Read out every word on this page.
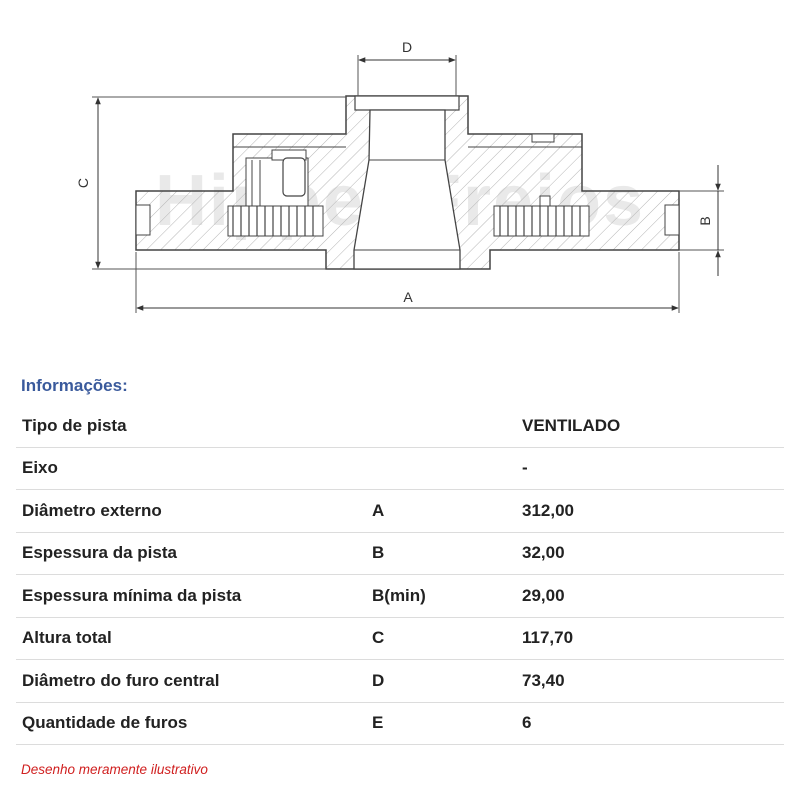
D
C
B
A
Informações:
Tipo de pista		VENTILADO
Eixo		-
Diâmetro externo	A	312,00
Espessura da pista	B	32,00
Espessura mínima da pista	B(min)	29,00
Altura total	C	117,70
Diâmetro do furo central	D	73,40
Quantidade de furos	E	6
Desenho meramente ilustrativo
